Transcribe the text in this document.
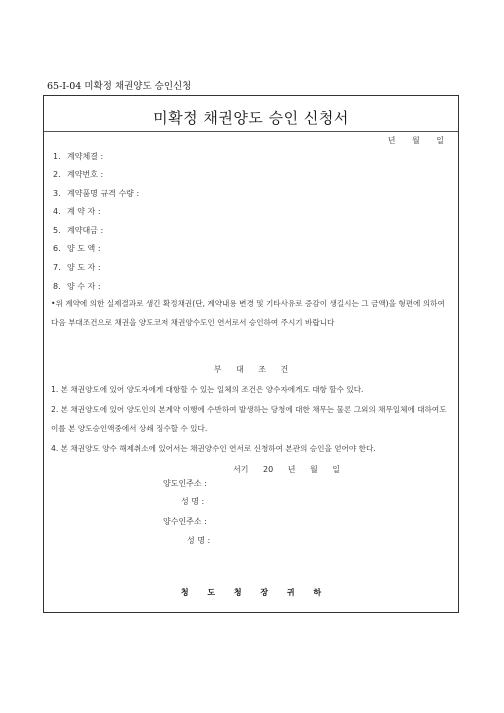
65-Ⅰ-04 미확정 채권양도 승인신청
미확정 채권양도 승인 신청서
년 월 일
1. 계약체결 :
2. 계약번호 :
3. 계약품명 규격 수량 :
4. 계 약 자 :
5. 계약대금 :
6. 양 도 액 :
7. 양 도 자 :
8. 양 수 자 :
•위 계약에 의한 실제결과로 생긴 확정채권(단, 계약내용 변경 및 기타사유로 증감이 생길시는 그 금액)을 형편에 의하여 다음 부대조건으로 채권을 양도코저 채권양수도인 연서로서 승인하여 주시기 바랍니다
부 대 조 건
1. 본 채권양도에 있어 양도자에게 대항할 수 있는 일체의 조건은 양수자에게도 대항 할수 있다.
2. 본 채권양도에 있어 양도인의 본계약 이행에 수반하여 발생하는 당청에 대한 채무는 물론 그외의 채무일체에 대하여도 이를 본 양도승인액중에서 상쇄 징수할 수 있다.
4. 본 채권양도 양수 해제취소에 있어서는 채권양수인 연서로 신청하여 본관의 승인을 얻어야 한다.
서기 20 년 월 일
양도인주소 :
성 명 :
양수인주소 :
성 명 :
청 도 청 장 귀 하
